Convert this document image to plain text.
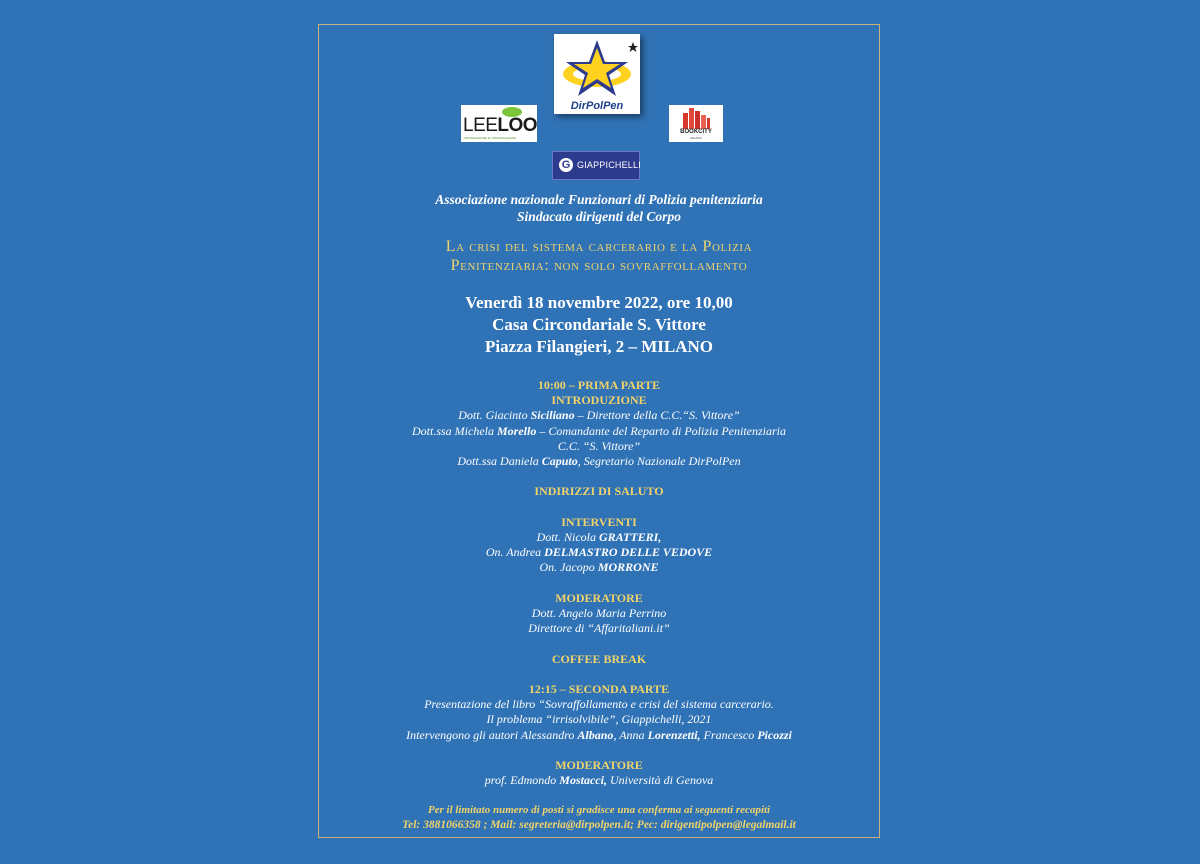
DirPolPen
LEELOO
INFORMAZIONE E COMUNICAZIONE
BOOKCITY
MILANO
G GIAPPICHELLI
Associazione nazionale Funzionari di Polizia penitenziaria
Sindacato dirigenti del Corpo
La crisi del sistema carcerario e la Polizia
Penitenziaria: non solo sovraffollamento
Venerdì 18 novembre 2022, ore 10,00
Casa Circondariale S. Vittore
Piazza Filangieri, 2 – MILANO
10:00 – PRIMA PARTE
INTRODUZIONE
Dott. Giacinto Siciliano – Direttore della C.C.“S. Vittore”
Dott.ssa Michela Morello – Comandante del Reparto di Polizia Penitenziaria
C.C. “S. Vittore”
Dott.ssa Daniela Caputo, Segretario Nazionale DirPolPen
INDIRIZZI DI SALUTO
INTERVENTI
Dott. Nicola GRATTERI,
On. Andrea DELMASTRO DELLE VEDOVE
On. Jacopo MORRONE
MODERATORE
Dott. Angelo Maria Perrino
Direttore di “Affaritaliani.it”
COFFEE BREAK
12:15 – SECONDA PARTE
Presentazione del libro “Sovraffollamento e crisi del sistema carcerario.
Il problema “irrisolvibile”, Giappichelli, 2021
Intervengono gli autori Alessandro Albano, Anna Lorenzetti, Francesco Picozzi
MODERATORE
prof. Edmondo Mostacci, Università di Genova
Per il limitato numero di posti si gradisce una conferma ai seguenti recapiti
Tel: 3881066358 ; Mail: segreteria@dirpolpen.it; Pec: dirigentipolpen@legalmail.it
